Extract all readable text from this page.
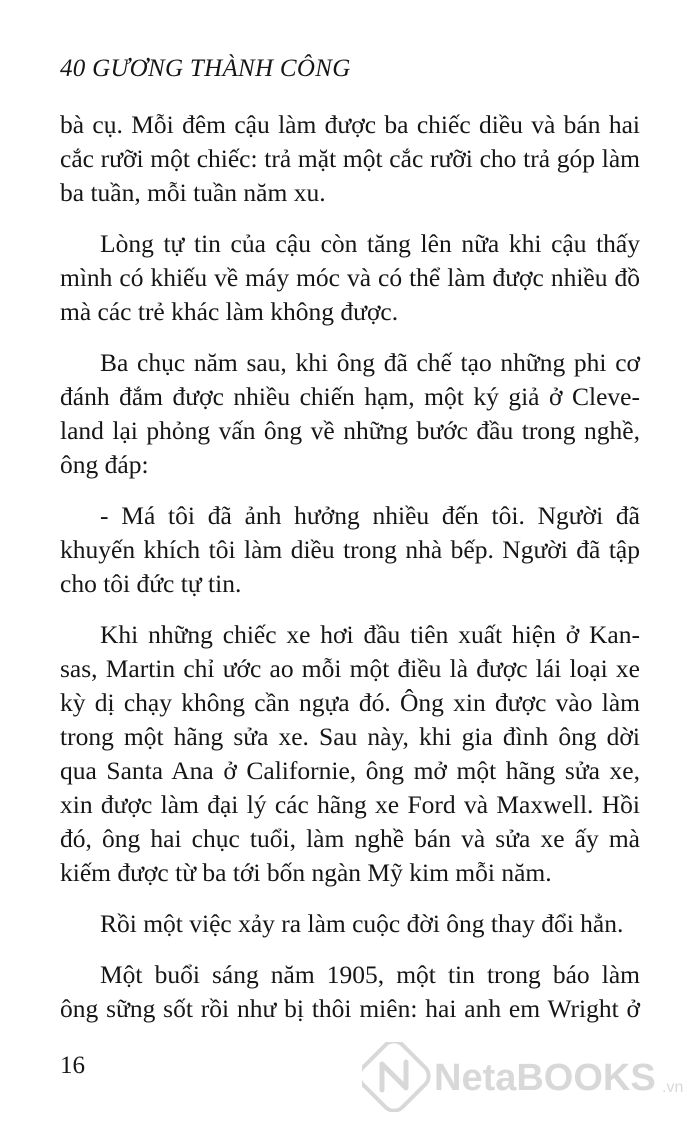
40 GƯƠNG THÀNH CÔNG
bà cụ. Mỗi đêm cậu làm được ba chiếc diều và bán hai
cắc rưỡi một chiếc: trả mặt một cắc rưỡi cho trả góp làm
ba tuần, mỗi tuần năm xu.
Lòng tự tin của cậu còn tăng lên nữa khi cậu thấy
mình có khiếu về máy móc và có thể làm được nhiều đồ
mà các trẻ khác làm không được.
Ba chục năm sau, khi ông đã chế tạo những phi cơ
đánh đắm được nhiều chiến hạm, một ký giả ở Cleve-
land lại phỏng vấn ông về những bước đầu trong nghề,
ông đáp:
- Má tôi đã ảnh hưởng nhiều đến tôi. Người đã
khuyến khích tôi làm diều trong nhà bếp. Người đã tập
cho tôi đức tự tin.
Khi những chiếc xe hơi đầu tiên xuất hiện ở Kan-
sas, Martin chỉ ước ao mỗi một điều là được lái loại xe
kỳ dị chạy không cần ngựa đó. Ông xin được vào làm
trong một hãng sửa xe. Sau này, khi gia đình ông dời
qua Santa Ana ở Californie, ông mở một hãng sửa xe,
xin được làm đại lý các hãng xe Ford và Maxwell. Hồi
đó, ông hai chục tuổi, làm nghề bán và sửa xe ấy mà
kiếm được từ ba tới bốn ngàn Mỹ kim mỗi năm.
Rồi một việc xảy ra làm cuộc đời ông thay đổi hẳn.
Một buổi sáng năm 1905, một tin trong báo làm
ông sững sốt rồi như bị thôi miên: hai anh em Wright ở
16	NetaBOOKS .vn
